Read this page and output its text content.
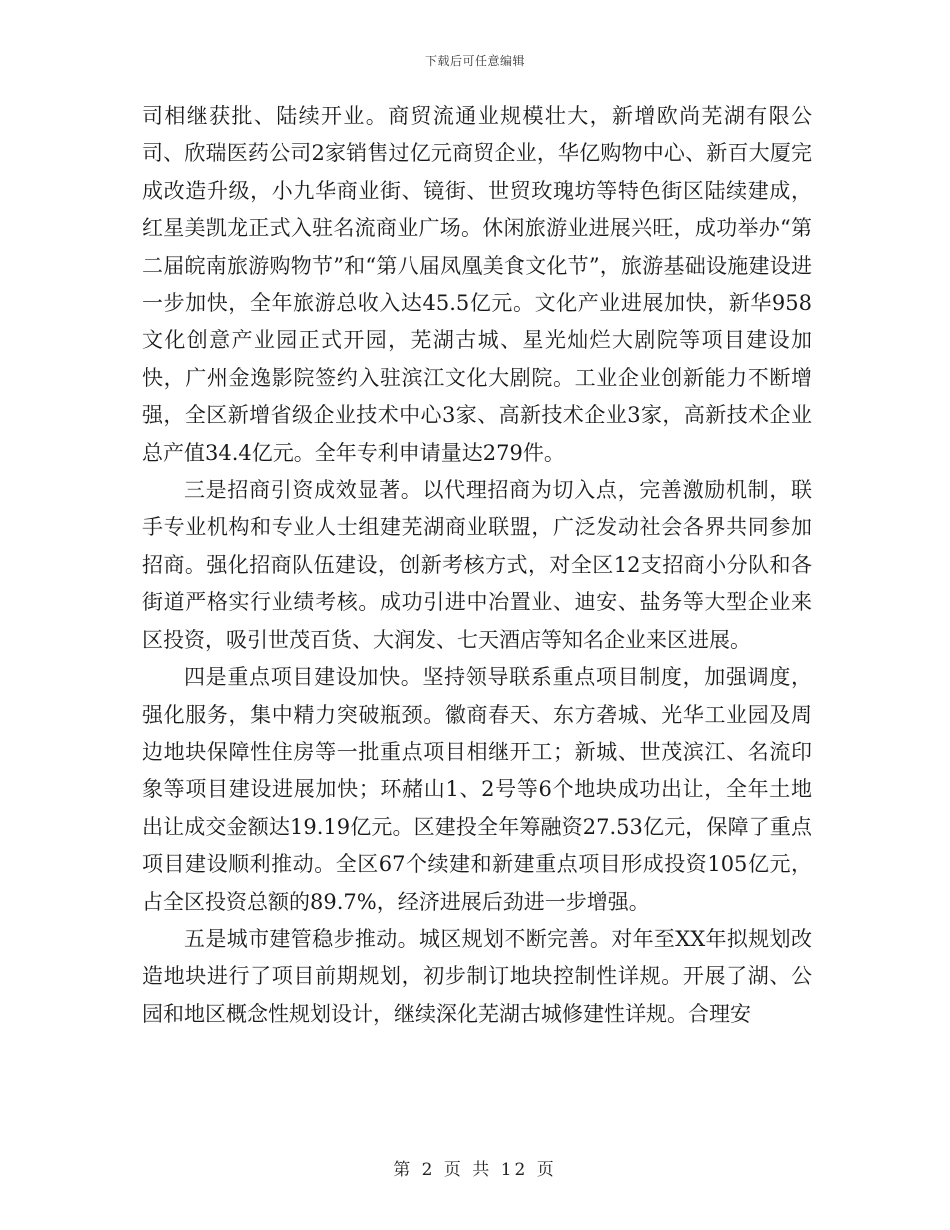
下载后可任意编辑

司相继获批、陆续开业。商贸流通业规模壮大，新增欧尚芜湖有限公司、欣瑞医药公司2家销售过亿元商贸企业，华亿购物中心、新百大厦完成改造升级，小九华商业街、镜街、世贸玫瑰坊等特色街区陆续建成，红星美凯龙正式入驻名流商业广场。休闲旅游业进展兴旺，成功举办“第二届皖南旅游购物节”和“第八届凤凰美食文化节”，旅游基础设施建设进一步加快，全年旅游总收入达45.5亿元。文化产业进展加快，新华958文化创意产业园正式开园，芜湖古城、星光灿烂大剧院等项目建设加快，广州金逸影院签约入驻滨江文化大剧院。工业企业创新能力不断增强，全区新增省级企业技术中心3家、高新技术企业3家，高新技术企业总产值34.4亿元。全年专利申请量达279件。

三是招商引资成效显著。以代理招商为切入点，完善激励机制，联手专业机构和专业人士组建芜湖商业联盟，广泛发动社会各界共同参加招商。强化招商队伍建设，创新考核方式，对全区12支招商小分队和各街道严格实行业绩考核。成功引进中冶置业、迪安、盐务等大型企业来区投资，吸引世茂百货、大润发、七天酒店等知名企业来区进展。

四是重点项目建设加快。坚持领导联系重点项目制度，加强调度，强化服务，集中精力突破瓶颈。徽商春天、东方砻城、光华工业园及周边地块保障性住房等一批重点项目相继开工；新城、世茂滨江、名流印象等项目建设进展加快；环赭山1、2号等6个地块成功出让，全年土地出让成交金额达19.19亿元。区建投全年筹融资27.53亿元，保障了重点项目建设顺利推动。全区67个续建和新建重点项目形成投资105亿元，占全区投资总额的89.7%，经济进展后劲进一步增强。

五是城市建管稳步推动。城区规划不断完善。对年至XX年拟规划改造地块进行了项目前期规划，初步制订地块控制性详规。开展了湖、公园和地区概念性规划设计，继续深化芜湖古城修建性详规。合理安

第 2 页 共 12 页
